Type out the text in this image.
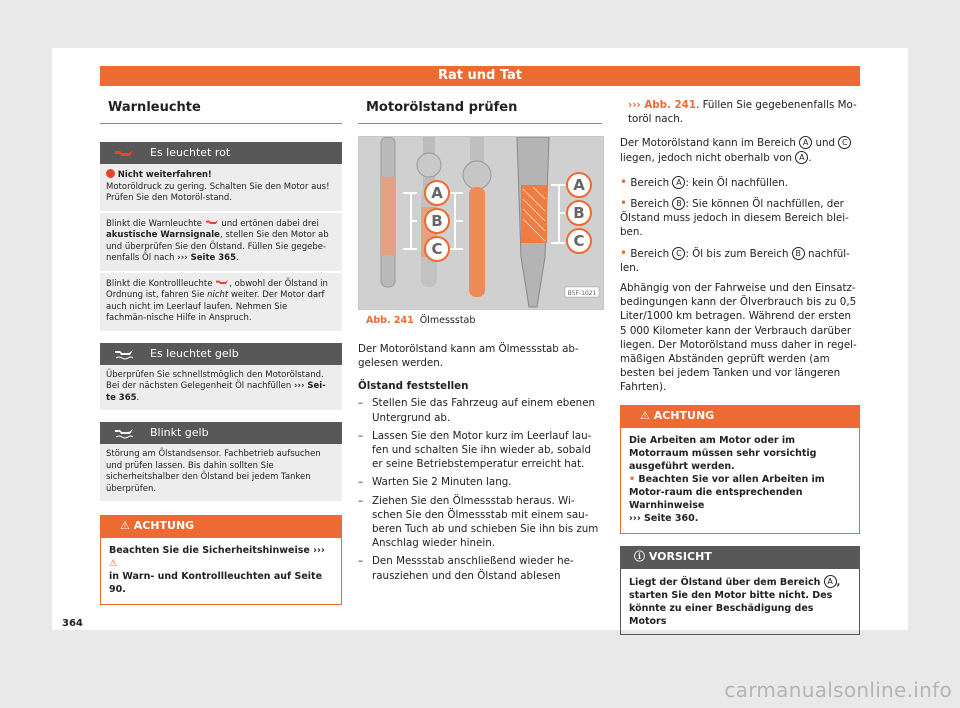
Rat und Tat
Warnleuchte
Es leuchtet rot
Nicht weiterfahren!
Motoröldruck zu gering. Schalten Sie den Motor aus! Prüfen Sie den Motoröl-stand.
Blinkt die Warnleuchte und ertönen dabei drei akustische Warnsignale, stellen Sie den Motor ab und überprüfen Sie den Ölstand. Füllen Sie gegebe-nenfalls Öl nach ››› Seite 365.
Blinkt die Kontrollleuchte , obwohl der Ölstand in Ordnung ist, fahren Sie nicht weiter. Der Motor darf auch nicht im Leerlauf laufen. Nehmen Sie fachmän-nische Hilfe in Anspruch.
Es leuchtet gelb
Überprüfen Sie schnellstmöglich den Motorölstand. Bei der nächsten Gelegenheit Öl nachfüllen ››› Sei-te 365.
Blinkt gelb
Störung am Ölstandsensor. Fachbetrieb aufsuchen und prüfen lassen. Bis dahin sollten Sie sicherheitshalber den Ölstand bei jedem Tanken überprüfen.
⚠ ACHTUNG
Beachten Sie die Sicherheitshinweise ››› ⚠
in Warn- und Kontrollleuchten auf Seite 90.
Motorölstand prüfen
A
B
C
A
B
C
B5F-1021
Abb. 241 Ölmessstab

Der Motorölstand kann am Ölmessstab ab-gelesen werden.

Ölstand feststellen

– Stellen Sie das Fahrzeug auf einem ebenen Untergrund ab.
– Lassen Sie den Motor kurz im Leerlauf lau-fen und schalten Sie ihn wieder ab, sobald er seine Betriebstemperatur erreicht hat.
– Warten Sie 2 Minuten lang.
– Ziehen Sie den Ölmessstab heraus. Wi-schen Sie den Ölmessstab mit einem sau-beren Tuch ab und schieben Sie ihn bis zum Anschlag wieder hinein.
– Den Messstab anschließend wieder he-rausziehen und den Ölstand ablesen

››› Abb. 241. Füllen Sie gegebenenfalls Mo-toröl nach.

Der Motorölstand kann im Bereich A und C liegen, jedoch nicht oberhalb von A .

• Bereich A : kein Öl nachfüllen.

• Bereich B : Sie können Öl nachfüllen, der Ölstand muss jedoch in diesem Bereich blei-ben.

• Bereich C : Öl bis zum Bereich B nachfül-len.

Abhängig von der Fahrweise und den Einsatz-bedingungen kann der Ölverbrauch bis zu 0,5 Liter/1000 km betragen. Während der ersten 5 000 Kilometer kann der Verbrauch darüber liegen. Der Motorölstand muss daher in regel-mäßigen Abständen geprüft werden (am besten bei jedem Tanken und vor längeren Fahrten).

⚠ ACHTUNG
Die Arbeiten am Motor oder im Motorraum müssen sehr vorsichtig ausgeführt werden.
• Beachten Sie vor allen Arbeiten im Motor-raum die entsprechenden Warnhinweise
››› Seite 360.
ⓘ VORSICHT
Liegt der Ölstand über dem Bereich A , starten Sie den Motor bitte nicht. Des könnte zu einer Beschädigung des Motors
364
carmanualsonline.info
